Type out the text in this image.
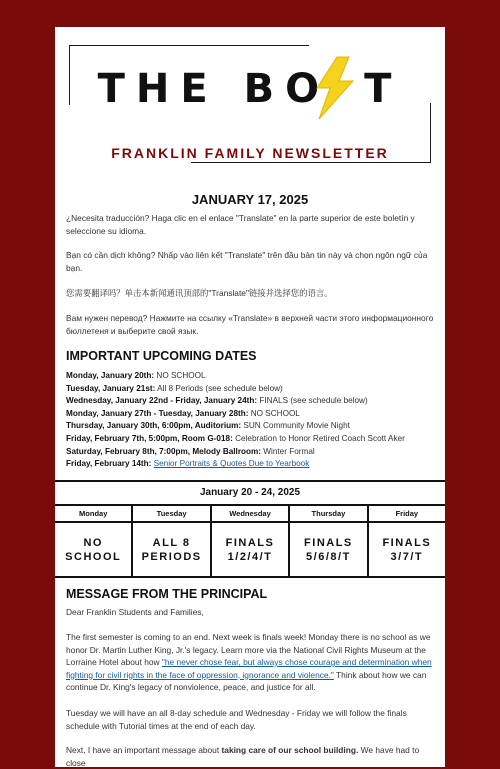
THE BO T
FRANKLIN FAMILY NEWSLETTER
JANUARY 17, 2025
¿Necesita traducción? Haga clic en el enlace "Translate" en la parte superior de este boletín y seleccione su idioma.
Bạn có cần dịch không? Nhấp vào liên kết "Translate" trên đầu bản tin này và chọn ngôn ngữ của bạn.
您需要翻译吗？单击本新闻通讯顶部的"Translate"链接并选择您的语言。
Вам нужен перевод? Нажмите на ссылку «Translate» в верхней части этого информационного бюллетеня и выберите свой язык.
IMPORTANT UPCOMING DATES
Monday, January 20th: NO SCHOOL
Tuesday, January 21st: All 8 Periods (see schedule below)
Wednesday, January 22nd - Friday, January 24th: FINALS (see schedule below)
Monday, January 27th - Tuesday, January 28th: NO SCHOOL
Thursday, January 30th, 6:00pm, Auditorium: SUN Community Movie Night
Friday, February 7th, 5:00pm, Room G-018: Celebration to Honor Retired Coach Scott Aker
Saturday, February 8th, 7:00pm, Melody Ballroom: Winter Formal
Friday, February 14th: Senior Portraits & Quotes Due to Yearbook
January 20 - 24, 2025
Monday
NO SCHOOL
Tuesday
ALL 8 PERIODS
Wednesday
FINALS 1/2/4/T
Thursday
FINALS 5/6/8/T
Friday
FINALS 3/7/T
MESSAGE FROM THE PRINCIPAL
Dear Franklin Students and Families,
The first semester is coming to an end. Next week is finals week! Monday there is no school as we honor Dr. Martin Luther King, Jr.'s legacy. Learn more via the National Civil Rights Museum at the Lorraine Hotel about how "he never chose fear, but always chose courage and determination when fighting for civil rights in the face of oppression, ignorance and violence." Think about how we can continue Dr. King's legacy of nonviolence, peace, and justice for all.
Tuesday we will have an all 8-day schedule and Wednesday - Friday we will follow the finals schedule with Tutorial times at the end of each day.
Next, I have an important message about taking care of our school building. We have had to close
